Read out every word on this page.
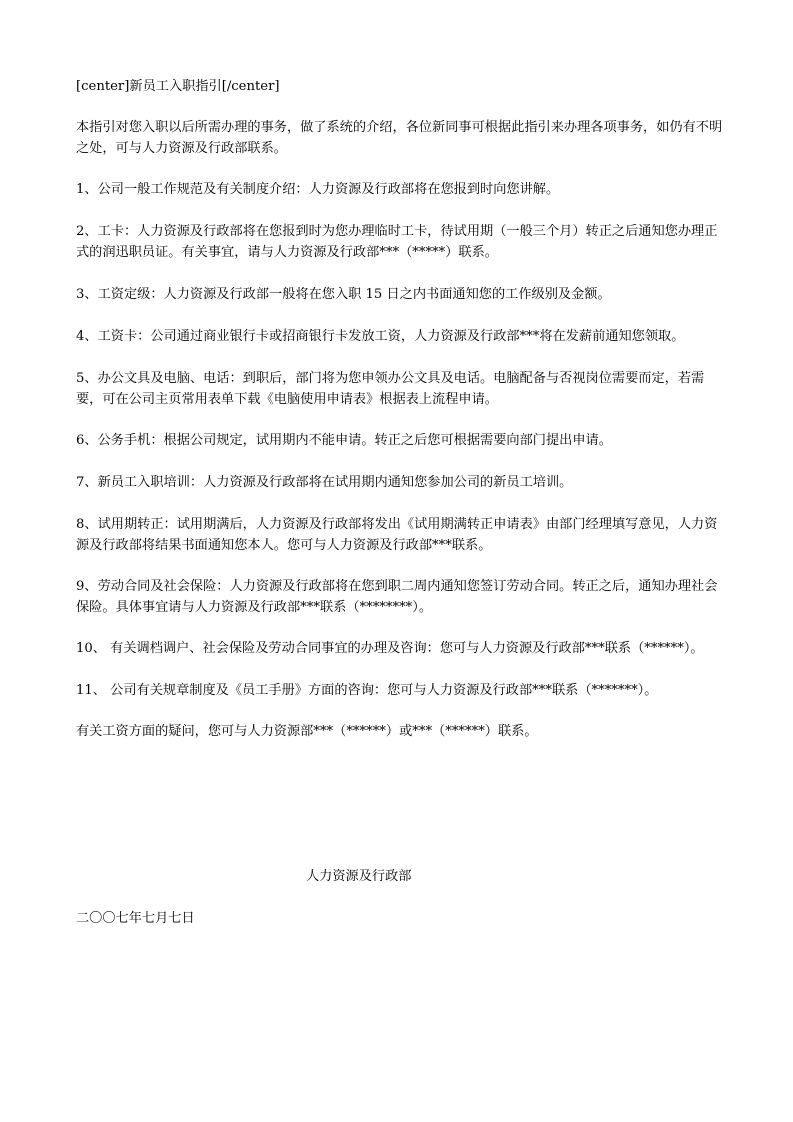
[center]新员工入职指引[/center]

本指引对您入职以后所需办理的事务，做了系统的介绍，各位新同事可根据此指引来办理各项事务，如仍有不明之处，可与人力资源及行政部联系。

1、公司一般工作规范及有关制度介绍：人力资源及行政部将在您报到时向您讲解。

2、工卡：人力资源及行政部将在您报到时为您办理临时工卡，待试用期（一般三个月）转正之后通知您办理正式的润迅职员证。有关事宜，请与人力资源及行政部***（*****）联系。

3、工资定级：人力资源及行政部一般将在您入职 15 日之内书面通知您的工作级别及金额。

4、工资卡：公司通过商业银行卡或招商银行卡发放工资，人力资源及行政部***将在发薪前通知您领取。

5、办公文具及电脑、电话：到职后，部门将为您申领办公文具及电话。电脑配备与否视岗位需要而定，若需要，可在公司主页常用表单下载《电脑使用申请表》根据表上流程申请。

6、公务手机：根据公司规定，试用期内不能申请。转正之后您可根据需要向部门提出申请。

7、新员工入职培训：人力资源及行政部将在试用期内通知您参加公司的新员工培训。

8、试用期转正：试用期满后，人力资源及行政部将发出《试用期满转正申请表》由部门经理填写意见，人力资源及行政部将结果书面通知您本人。您可与人力资源及行政部***联系。

9、劳动合同及社会保险：人力资源及行政部将在您到职二周内通知您签订劳动合同。转正之后，通知办理社会保险。具体事宜请与人力资源及行政部***联系（********）。

10、 有关调档调户、社会保险及劳动合同事宜的办理及咨询：您可与人力资源及行政部***联系（******）。

11、 公司有关规章制度及《员工手册》方面的咨询：您可与人力资源及行政部***联系（*******）。

有关工资方面的疑问，您可与人力资源部***（******）或***（******）联系。

人力资源及行政部

二〇〇七年七月七日
